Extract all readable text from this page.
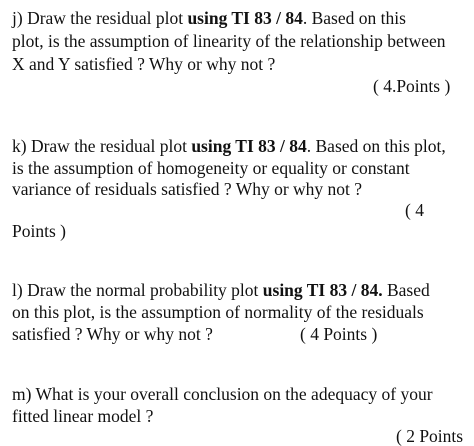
j) Draw the residual plot using TI 83 / 84. Based on this
plot, is the assumption of linearity of the relationship between
X and Y satisfied ? Why or why not ?
( 4.Points )
k) Draw the residual plot using TI 83 / 84. Based on this plot,
is the assumption of homogeneity or equality or constant
variance of residuals satisfied ? Why or why not ?
( 4
Points )
l) Draw the normal probability plot using TI 83 / 84. Based
on this plot, is the assumption of normality of the residuals
satisfied ? Why or why not ?	( 4 Points )
m) What is your overall conclusion on the adequacy of your
fitted linear model ?
( 2 Points
